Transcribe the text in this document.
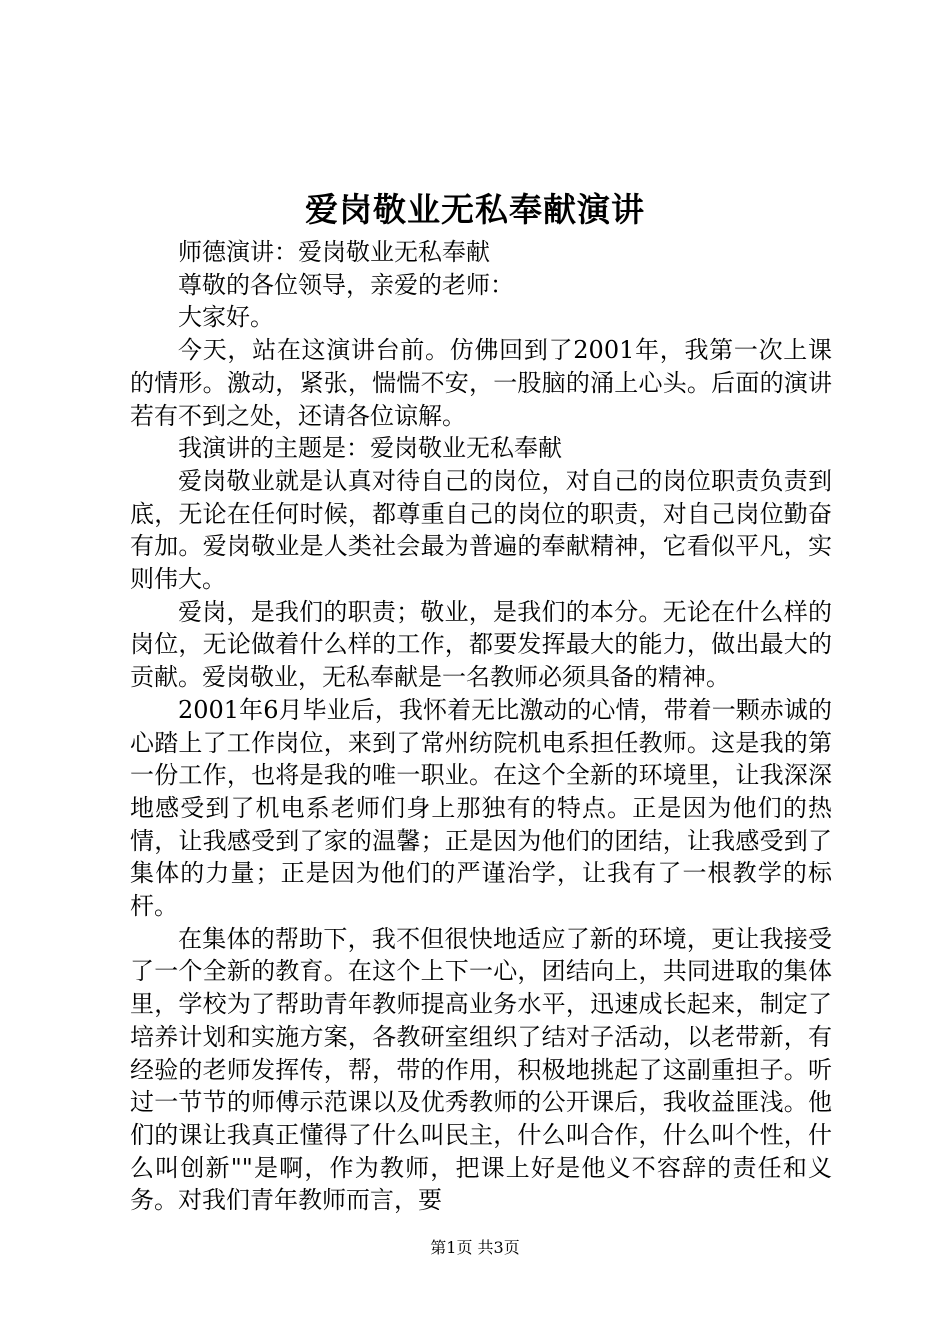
爱岗敬业无私奉献演讲

师德演讲：爱岗敬业无私奉献

尊敬的各位领导，亲爱的老师：

大家好。

今天，站在这演讲台前。仿佛回到了2001年，我第一次上课的情形。激动，紧张，惴惴不安，一股脑的涌上心头。后面的演讲若有不到之处，还请各位谅解。

我演讲的主题是：爱岗敬业无私奉献

爱岗敬业就是认真对待自己的岗位，对自己的岗位职责负责到底，无论在任何时候，都尊重自己的岗位的职责，对自己岗位勤奋有加。爱岗敬业是人类社会最为普遍的奉献精神，它看似平凡，实则伟大。

爱岗，是我们的职责；敬业，是我们的本分。无论在什么样的岗位，无论做着什么样的工作，都要发挥最大的能力，做出最大的贡献。爱岗敬业，无私奉献是一名教师必须具备的精神。

2001年6月毕业后，我怀着无比激动的心情，带着一颗赤诚的心踏上了工作岗位，来到了常州纺院机电系担任教师。这是我的第一份工作，也将是我的唯一职业。在这个全新的环境里，让我深深地感受到了机电系老师们身上那独有的特点。正是因为他们的热情，让我感受到了家的温馨；正是因为他们的团结，让我感受到了集体的力量；正是因为他们的严谨治学，让我有了一根教学的标杆。

在集体的帮助下，我不但很快地适应了新的环境，更让我接受了一个全新的教育。在这个上下一心，团结向上，共同进取的集体里，学校为了帮助青年教师提高业务水平，迅速成长起来，制定了培养计划和实施方案，各教研室组织了结对子活动，以老带新，有经验的老师发挥传，帮，带的作用，积极地挑起了这副重担子。听过一节节的师傅示范课以及优秀教师的公开课后，我收益匪浅。他们的课让我真正懂得了什么叫民主，什么叫合作，什么叫个性，什么叫创新""是啊，作为教师，把课上好是他义不容辞的责任和义务。对我们青年教师而言，要

第1页 共3页
